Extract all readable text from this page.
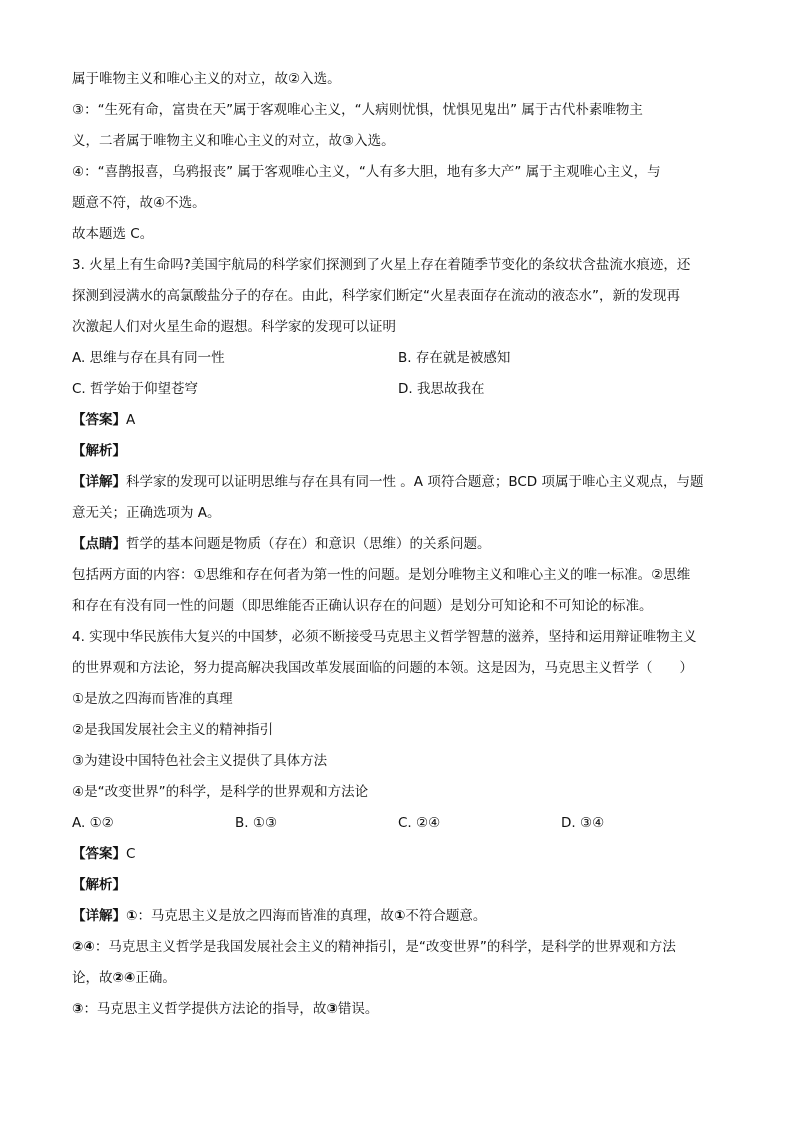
属于唯物主义和唯心主义的对立，故②入选。
③：“生死有命，富贵在天”属于客观唯心主义，“人病则忧惧，忧惧见鬼出” 属于古代朴素唯物主
义，二者属于唯物主义和唯心主义的对立，故③入选。
④：“喜鹊报喜，乌鸦报丧” 属于客观唯心主义，“人有多大胆，地有多大产” 属于主观唯心主义，与
题意不符，故④不选。
故本题选 C。
3. 火星上有生命吗?美国宇航局的科学家们探测到了火星上存在着随季节变化的条纹状含盐流水痕迹，还
探测到浸满水的高氯酸盐分子的存在。由此，科学家们断定“火星表面存在流动的液态水”，新的发现再
次激起人们对火星生命的遐想。科学家的发现可以证明
A. 思维与存在具有同一性	B. 存在就是被感知
C. 哲学始于仰望苍穹	D. 我思故我在
【答案】A
【解析】
【详解】科学家的发现可以证明思维与存在具有同一性 。A 项符合题意；BCD 项属于唯心主义观点，与题
意无关；正确选项为 A。
【点睛】哲学的基本问题是物质（存在）和意识（思维）的关系问题。
包括两方面的内容：①思维和存在何者为第一性的问题。是划分唯物主义和唯心主义的唯一标准。②思维
和存在有没有同一性的问题（即思维能否正确认识存在的问题）是划分可知论和不可知论的标准。
4. 实现中华民族伟大复兴的中国梦，必须不断接受马克思主义哲学智慧的滋养，坚持和运用辩证唯物主义
的世界观和方法论，努力提高解决我国改革发展面临的问题的本领。这是因为，马克思主义哲学（　　）
①是放之四海而皆准的真理
②是我国发展社会主义的精神指引
③为建设中国特色社会主义提供了具体方法
④是“改变世界”的科学，是科学的世界观和方法论
A. ①②	B. ①③	C. ②④	D. ③④
【答案】C
【解析】
【详解】①：马克思主义是放之四海而皆准的真理，故①不符合题意。
②④：马克思主义哲学是我国发展社会主义的精神指引，是“改变世界”的科学，是科学的世界观和方法
论，故②④正确。
③：马克思主义哲学提供方法论的指导，故③错误。
